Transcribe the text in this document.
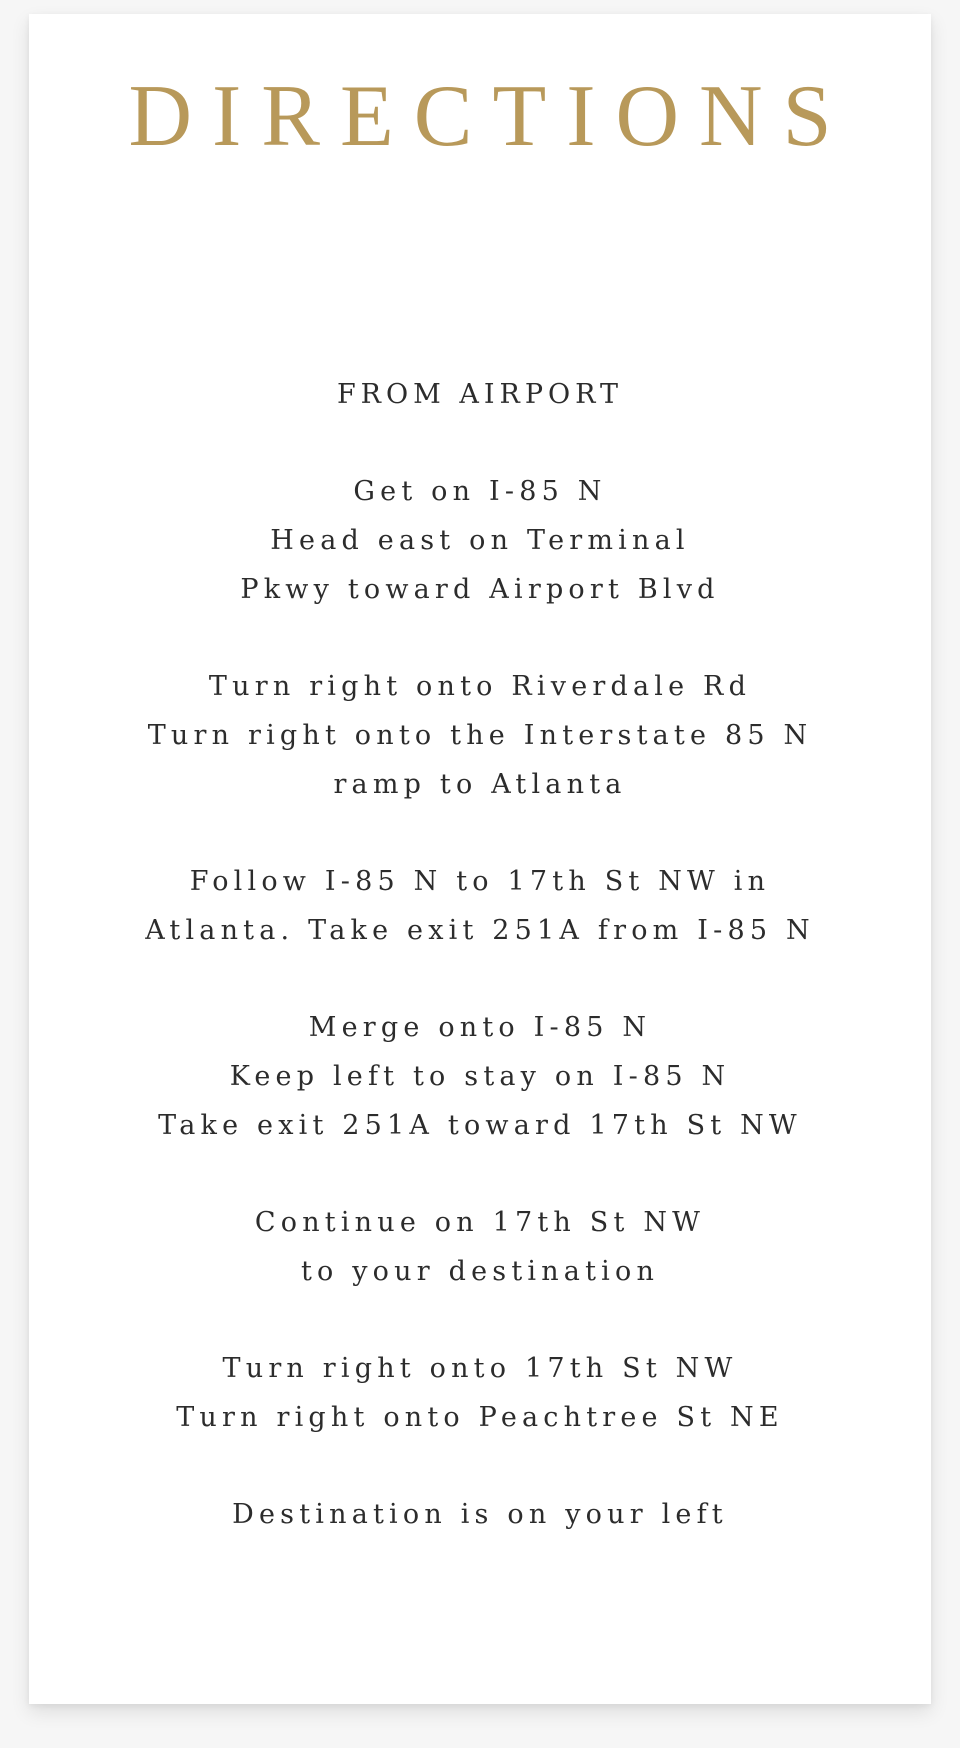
DIRECTIONS

FROM AIRPORT

Get on I-85 N
Head east on Terminal
Pkwy toward Airport Blvd
Turn right onto Riverdale Rd
Turn right onto the Interstate 85 N
ramp to Atlanta
Follow I-85 N to 17th St NW in
Atlanta. Take exit 251A from I-85 N
Merge onto I-85 N
Keep left to stay on I-85 N
Take exit 251A toward 17th St NW
Continue on 17th St NW
to your destination
Turn right onto 17th St NW
Turn right onto Peachtree St NE
Destination is on your left
